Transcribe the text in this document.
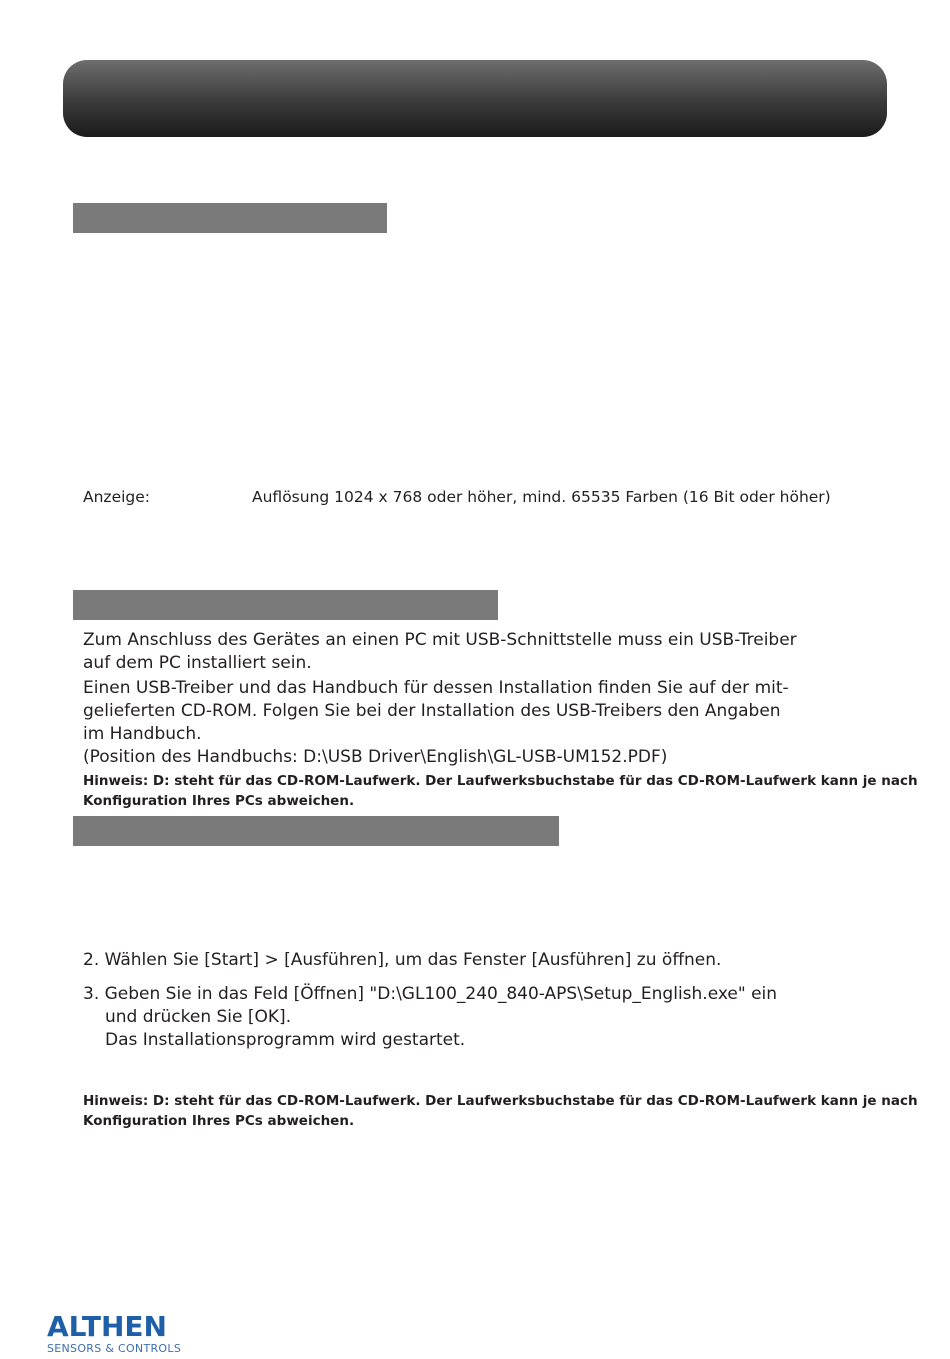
Anzeige:	Auflösung 1024 x 768 oder höher, mind. 65535 Farben (16 Bit oder höher)
Zum Anschluss des Gerätes an einen PC mit USB-Schnittstelle muss ein USB-Treiber
auf dem PC installiert sein.
Einen USB-Treiber und das Handbuch für dessen Installation finden Sie auf der mit-
gelieferten CD-ROM. Folgen Sie bei der Installation des USB-Treibers den Angaben
im Handbuch.
(Position des Handbuchs: D:\USB Driver\English\GL-USB-UM152.PDF)
Hinweis: D: steht für das CD-ROM-Laufwerk. Der Laufwerksbuchstabe für das CD-ROM-Laufwerk kann je nach
Konfiguration Ihres PCs abweichen.
2. Wählen Sie [Start] > [Ausführen], um das Fenster [Ausführen] zu öffnen.
3. Geben Sie in das Feld [Öffnen] "D:\GL100_240_840-APS\Setup_English.exe" ein
und drücken Sie [OK].
Das Installationsprogramm wird gestartet.
Hinweis: D: steht für das CD-ROM-Laufwerk. Der Laufwerksbuchstabe für das CD-ROM-Laufwerk kann je nach
Konfiguration Ihres PCs abweichen.
ALTHEN
SENSORS & CONTROLS
